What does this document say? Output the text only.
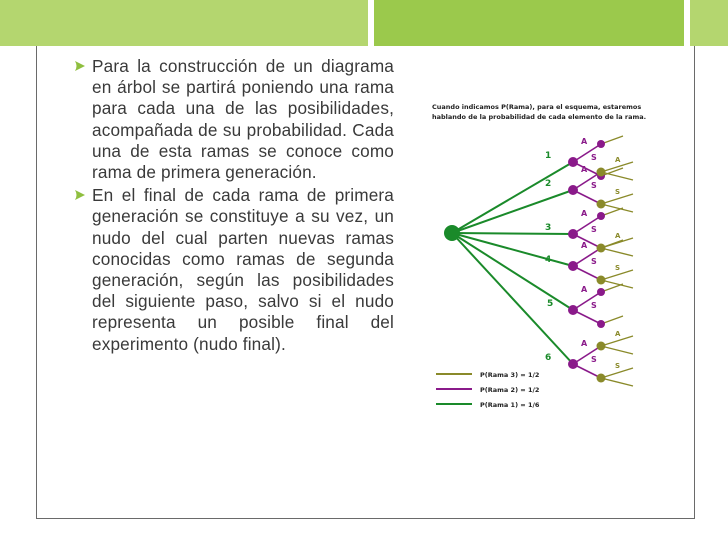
Para la construcción de un diagrama en árbol se partirá poniendo una rama para cada una de las posibilidades, acompañada de su probabilidad. Cada una de esta ramas se conoce como rama de primera generación.

En el final de cada rama de primera generación se constituye a su vez, un nudo del cual parten nuevas ramas conocidas como ramas de segunda generación, según las posibilidades del siguiente paso, salvo si el nudo representa un posible final del experimento (nudo final).

Cuando indicamos P(Rama), para el esquema, estaremos
hablando de la probabilidad de cada elemento de la rama.
1
2
3
4
5
6
A
S
A
A
S
S
A
S
A
A
S
S
A
S
A
A
S
S
P(Rama 3) = 1/2
P(Rama 2) = 1/2
P(Rama 1) = 1/6
